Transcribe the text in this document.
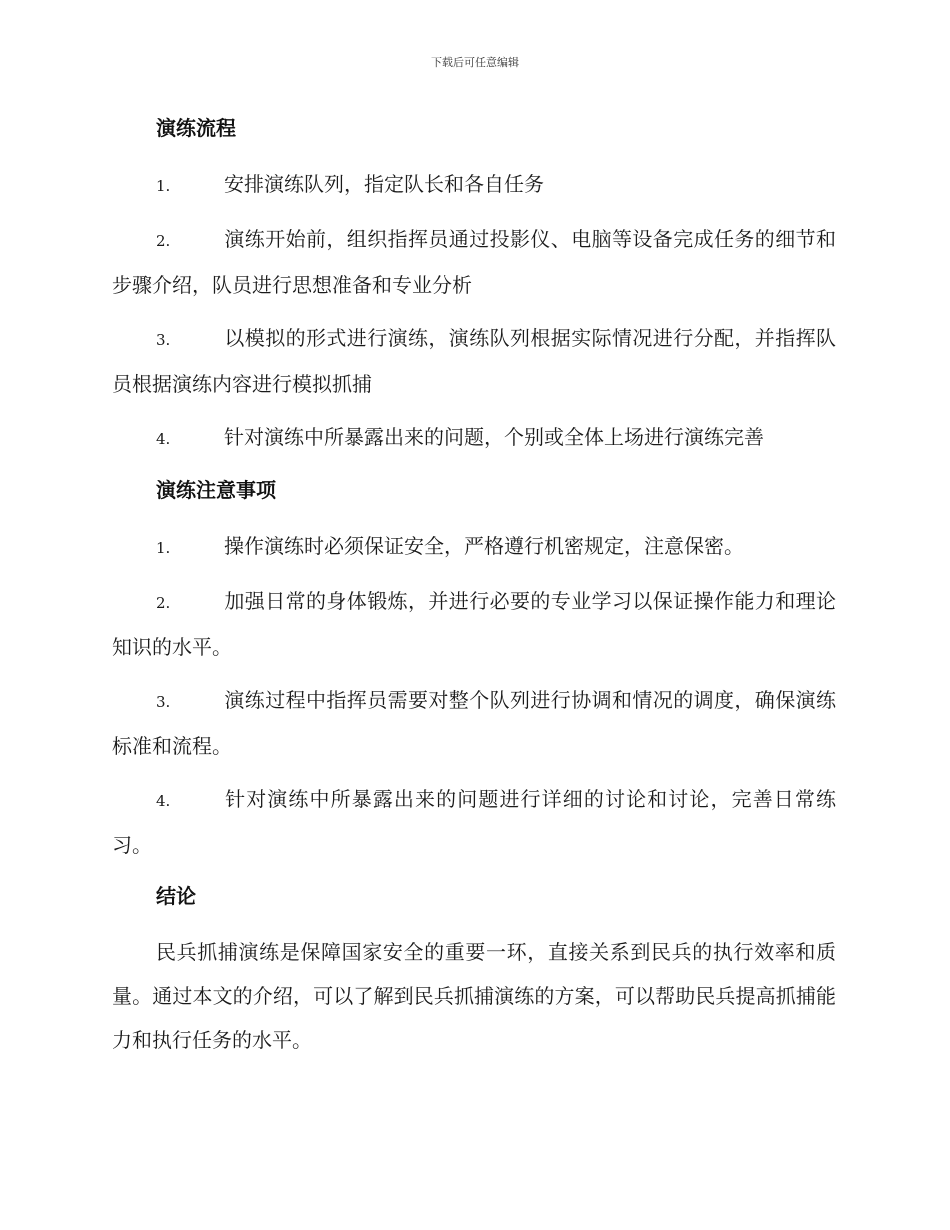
下载后可任意编辑
演练流程
1.	安排演练队列，指定队长和各自任务
2.	演练开始前，组织指挥员通过投影仪、电脑等设备完成任务的细节和步骤介绍，队员进行思想准备和专业分析
3.	以模拟的形式进行演练，演练队列根据实际情况进行分配，并指挥队员根据演练内容进行模拟抓捕
4.	针对演练中所暴露出来的问题，个别或全体上场进行演练完善
演练注意事项
1.	操作演练时必须保证安全，严格遵行机密规定，注意保密。
2.	加强日常的身体锻炼，并进行必要的专业学习以保证操作能力和理论知识的水平。
3.	演练过程中指挥员需要对整个队列进行协调和情况的调度，确保演练标准和流程。
4.	针对演练中所暴露出来的问题进行详细的讨论和讨论，完善日常练习。
结论

民兵抓捕演练是保障国家安全的重要一环，直接关系到民兵的执行效率和质量。通过本文的介绍，可以了解到民兵抓捕演练的方案，可以帮助民兵提高抓捕能力和执行任务的水平。
